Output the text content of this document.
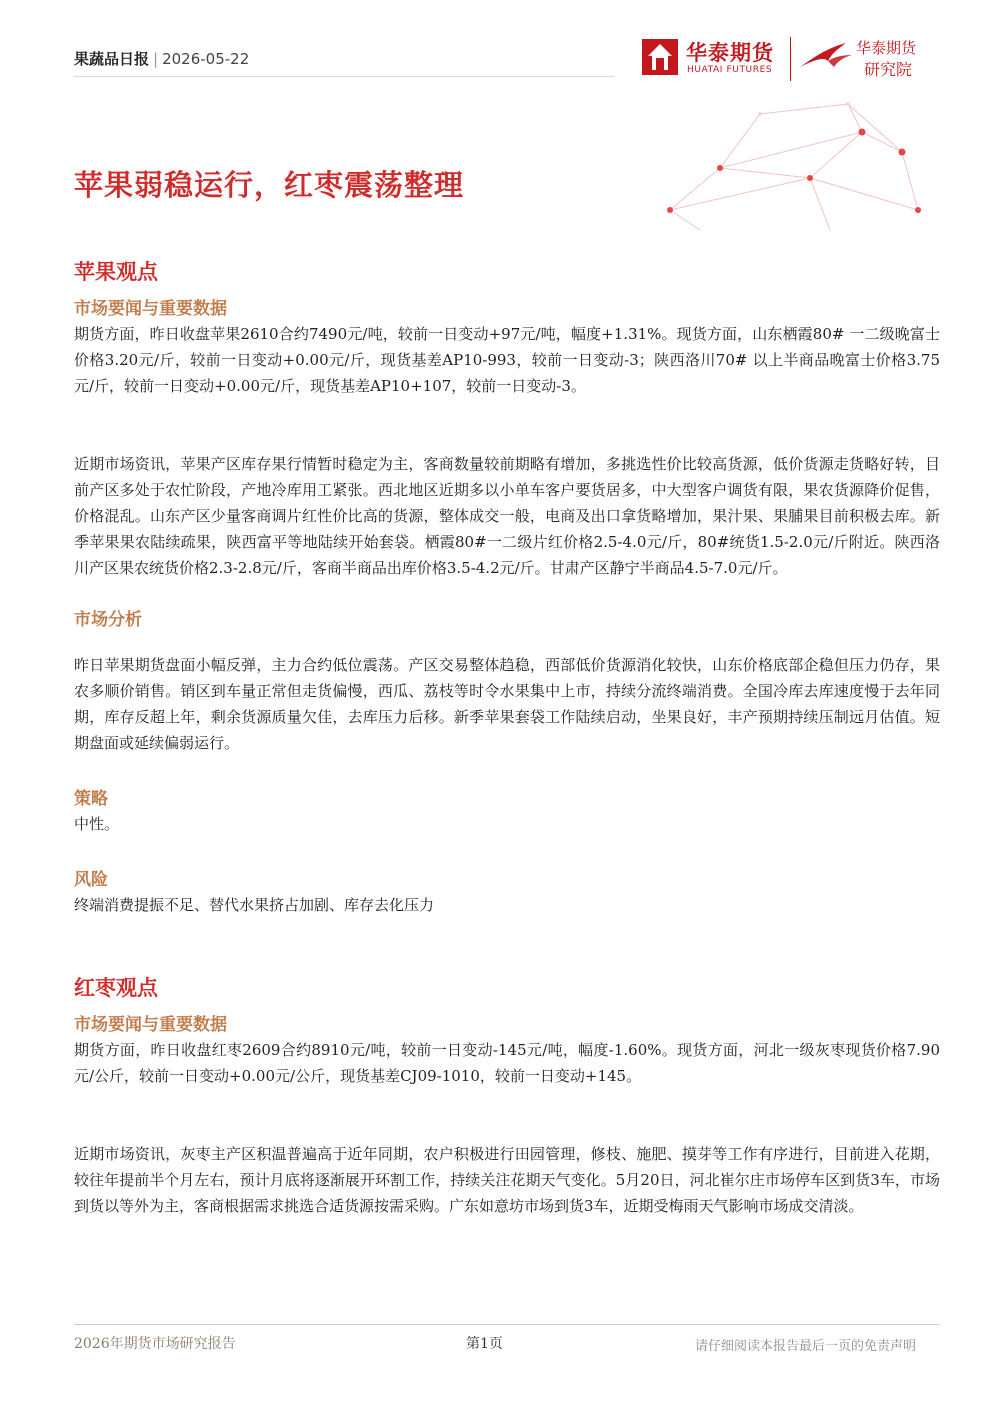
果蔬品日报 | 2026-05-22	华泰期货
HUATAI FUTURES
华泰期货
研究院
苹果弱稳运行，红枣震荡整理
苹果观点
市场要闻与重要数据

期货方面，昨日收盘苹果2610合约7490元/吨，较前一日变动+97元/吨，幅度+1.31%。现货方面，山东栖霞80# 一二级晚富士价格3.20元/斤，较前一日变动+0.00元/斤，现货基差AP10-993，较前一日变动-3；陕西洛川70# 以上半商品晚富士价格3.75元/斤，较前一日变动+0.00元/斤，现货基差AP10+107，较前一日变动-3。

近期市场资讯，苹果产区库存果行情暂时稳定为主，客商数量较前期略有增加，多挑选性价比较高货源，低价货源走货略好转，目前产区多处于农忙阶段，产地冷库用工紧张。西北地区近期多以小单车客户要货居多，中大型客户调货有限，果农货源降价促售，价格混乱。山东产区少量客商调片红性价比高的货源，整体成交一般，电商及出口拿货略增加，果汁果、果脯果目前积极去库。新季苹果果农陆续疏果，陕西富平等地陆续开始套袋。栖霞80#一二级片红价格2.5-4.0元/斤，80#统货1.5-2.0元/斤附近。陕西洛川产区果农统货价格2.3-2.8元/斤，客商半商品出库价格3.5-4.2元/斤。甘肃产区静宁半商品4.5-7.0元/斤。

市场分析

昨日苹果期货盘面小幅反弹，主力合约低位震荡。产区交易整体趋稳，西部低价货源消化较快，山东价格底部企稳但压力仍存，果农多顺价销售。销区到车量正常但走货偏慢，西瓜、荔枝等时令水果集中上市，持续分流终端消费。全国冷库去库速度慢于去年同期，库存反超上年，剩余货源质量欠佳，去库压力后移。新季苹果套袋工作陆续启动，坐果良好，丰产预期持续压制远月估值。短期盘面或延续偏弱运行。

策略

中性。

风险

终端消费提振不足、替代水果挤占加剧、库存去化压力

红枣观点
市场要闻与重要数据

期货方面，昨日收盘红枣2609合约8910元/吨，较前一日变动-145元/吨，幅度-1.60%。现货方面，河北一级灰枣现货价格7.90元/公斤，较前一日变动+0.00元/公斤，现货基差CJ09-1010，较前一日变动+145。

近期市场资讯，灰枣主产区积温普遍高于近年同期，农户积极进行田园管理，修枝、施肥、摸芽等工作有序进行，目前进入花期，较往年提前半个月左右，预计月底将逐渐展开环割工作，持续关注花期天气变化。5月20日，河北崔尔庄市场停车区到货3车，市场到货以等外为主，客商根据需求挑选合适货源按需采购。广东如意坊市场到货3车，近期受梅雨天气影响市场成交清淡。

2026年期货市场研究报告	第1页	请仔细阅读本报告最后一页的免责声明
